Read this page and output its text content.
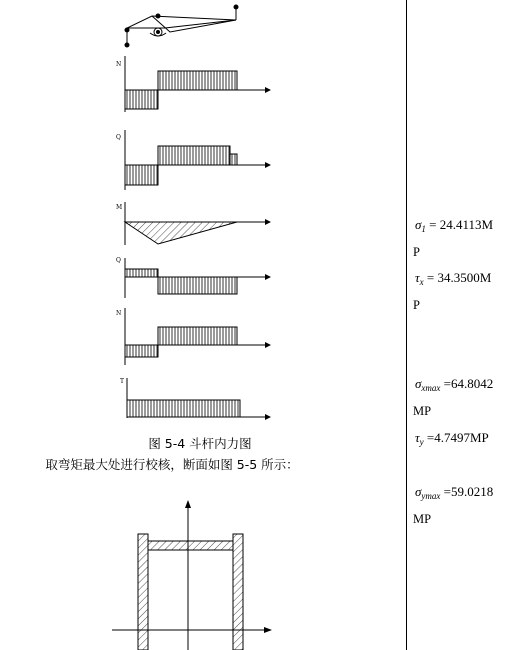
N
Q
M
Q
N
T
图 5-4 斗杆内力图
取弯矩最大处进行校核，断面如图 5-5 所示：
$\sigma_1 = 24.4113M$
P
$\tau_x = 34.3500M$
P
$\sigma_{xmax} =64.8042$
MP
$\tau_y =4.7497MP$
$\sigma_{ymax} =59.0218$
MP
